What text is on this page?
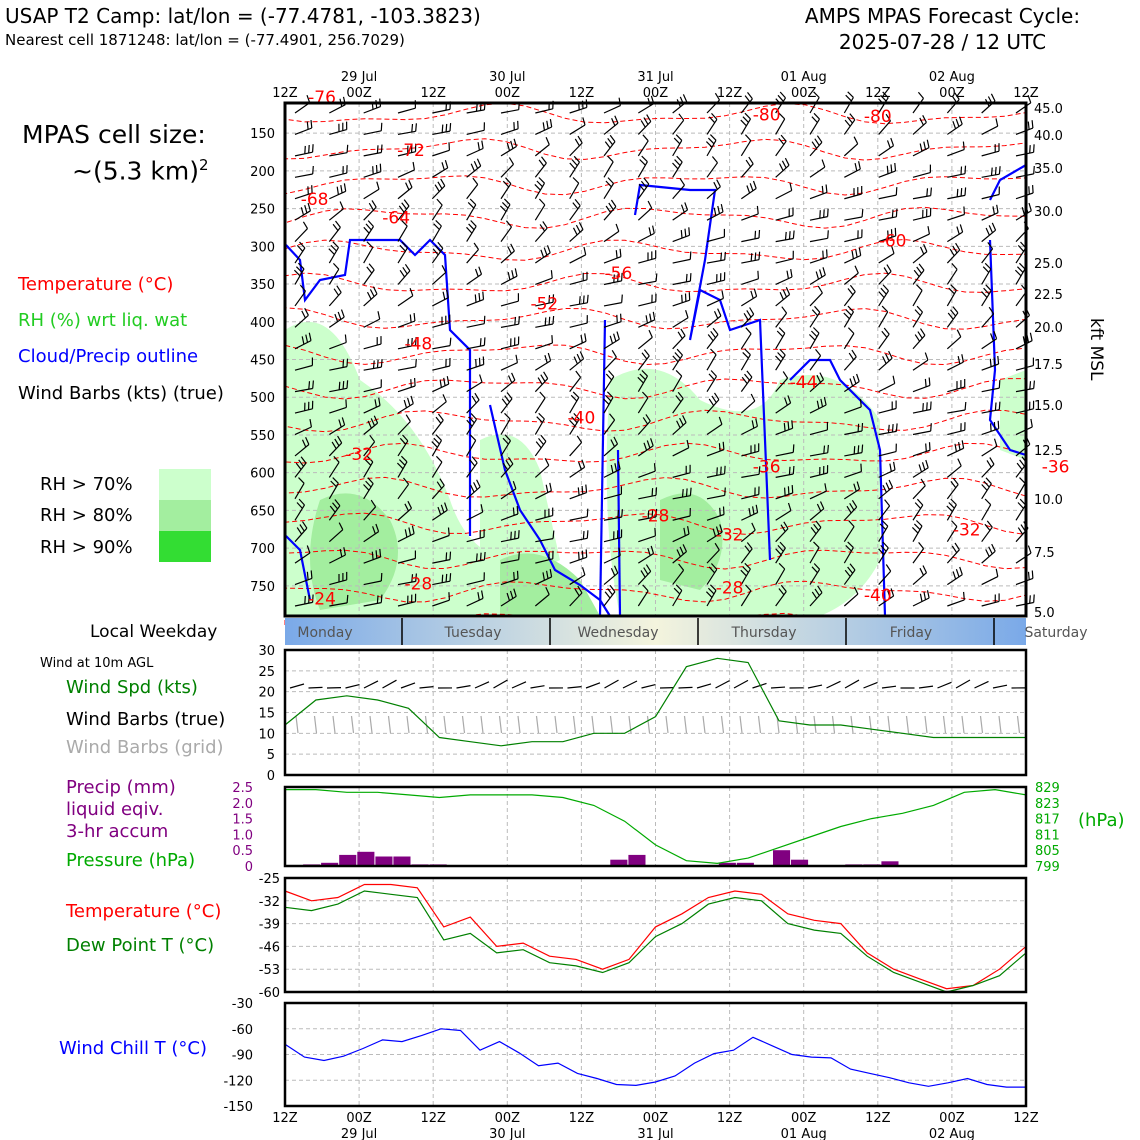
USAP T2 Camp: lat/lon = (-77.4781, -103.3823)
Nearest cell 1871248: lat/lon = (-77.4901, 256.7029)
AMPS MPAS Forecast Cycle:
2025-07-28 / 12 UTC
MPAS cell size:
~(5.3 km)$^2$
Temperature (°C)
RH (%) wrt liq. wat
Cloud/Precip outline
Wind Barbs (kts) (true)
RH > 70%
RH > 80%
RH > 90%
Local Weekday
Wind at 10m AGL
Wind Spd (kts)
Wind Barbs (true)
Wind Barbs (grid)
Precip (mm)
liquid eqiv.
3-hr accum
Pressure (hPa)
(hPa)
Temperature (°C)
Dew Point T (°C)
Wind Chill T (°C)
kft MSL
-76
-72
-68
-64
-80
-60
-80
-56
-52
-48
-44
-40
-36
-36
-32
-32	-32
-28
-28	-28
-24	-40
150
200
250
300
350
400
450
500
550
600
650
700
750
45.0
40.0
35.0
30.0
25.0
22.5
20.0
17.5
15.0
12.5
10.0
7.5
5.0
Monday	Tuesday	Wednesday	Thursday	Friday	Saturday
0
5
10
15
20
25
30
0
0.5
1.0
1.5
2.0
2.5
799
805
811
817
823
829
-25
-32
-39
-46
-53
-60
-30
-60
-90
-120
-150
12Z	00Z	12Z	00Z	12Z	00Z	12Z	00Z	12Z	00Z	12Z
29 Jul	30 Jul	31 Jul	01 Aug	02 Aug
12Z	00Z	12Z	00Z	12Z	00Z	12Z	00Z	12Z	00Z	12Z
29 Jul	30 Jul	31 Jul	01 Aug	02 Aug
